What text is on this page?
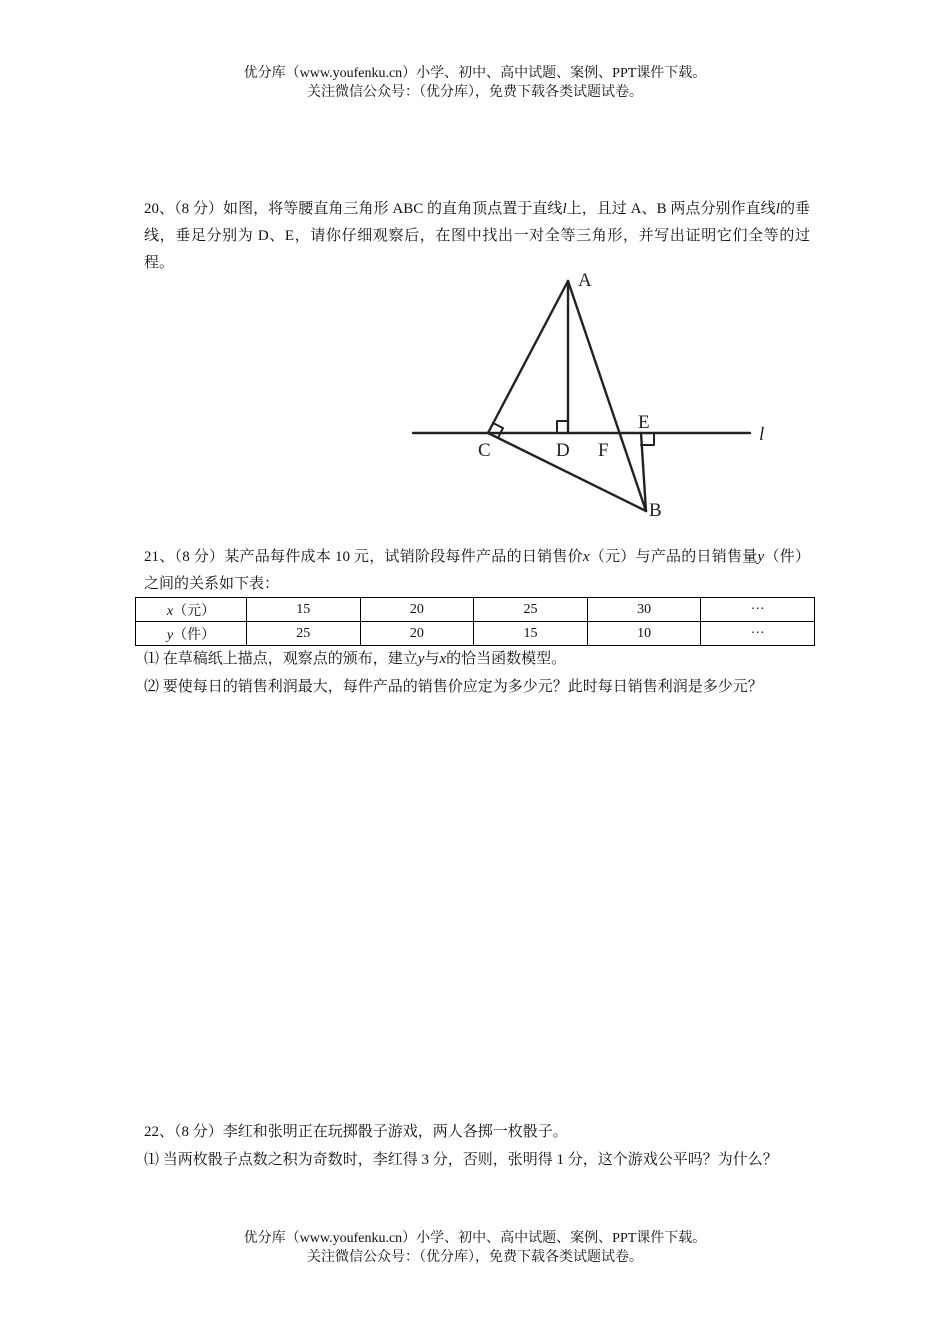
优分库（www.youfenku.cn）小学、初中、高中试题、案例、PPT课件下载。
关注微信公众号：（优分库），免费下载各类试题试卷。

20、（8 分）如图，将等腰直角三角形 ABC 的直角顶点置于直线l上，且过 A、B 两点分别作直线l的垂线，垂足分别为 D、E，请你仔细观察后，在图中找出一对全等三角形，并写出证明它们全等的过程。

A
B
C	D F
E
l

21、（8 分）某产品每件成本 10 元，试销阶段每件产品的日销售价x（元）与产品的日销售量y（件）之间的关系如下表：

x（元）	15	20	25	30	···
y（件）	25	20	15	10	···

⑴ 在草稿纸上描点，观察点的颁布，建立y与x的恰当函数模型。

⑵ 要使每日的销售利润最大，每件产品的销售价应定为多少元？此时每日销售利润是多少元？

22、（8 分）李红和张明正在玩掷骰子游戏，两人各掷一枚骰子。

⑴ 当两枚骰子点数之积为奇数时，李红得 3 分，否则，张明得 1 分，这个游戏公平吗？为什么？

优分库（www.youfenku.cn）小学、初中、高中试题、案例、PPT课件下载。
关注微信公众号：（优分库），免费下载各类试题试卷。
